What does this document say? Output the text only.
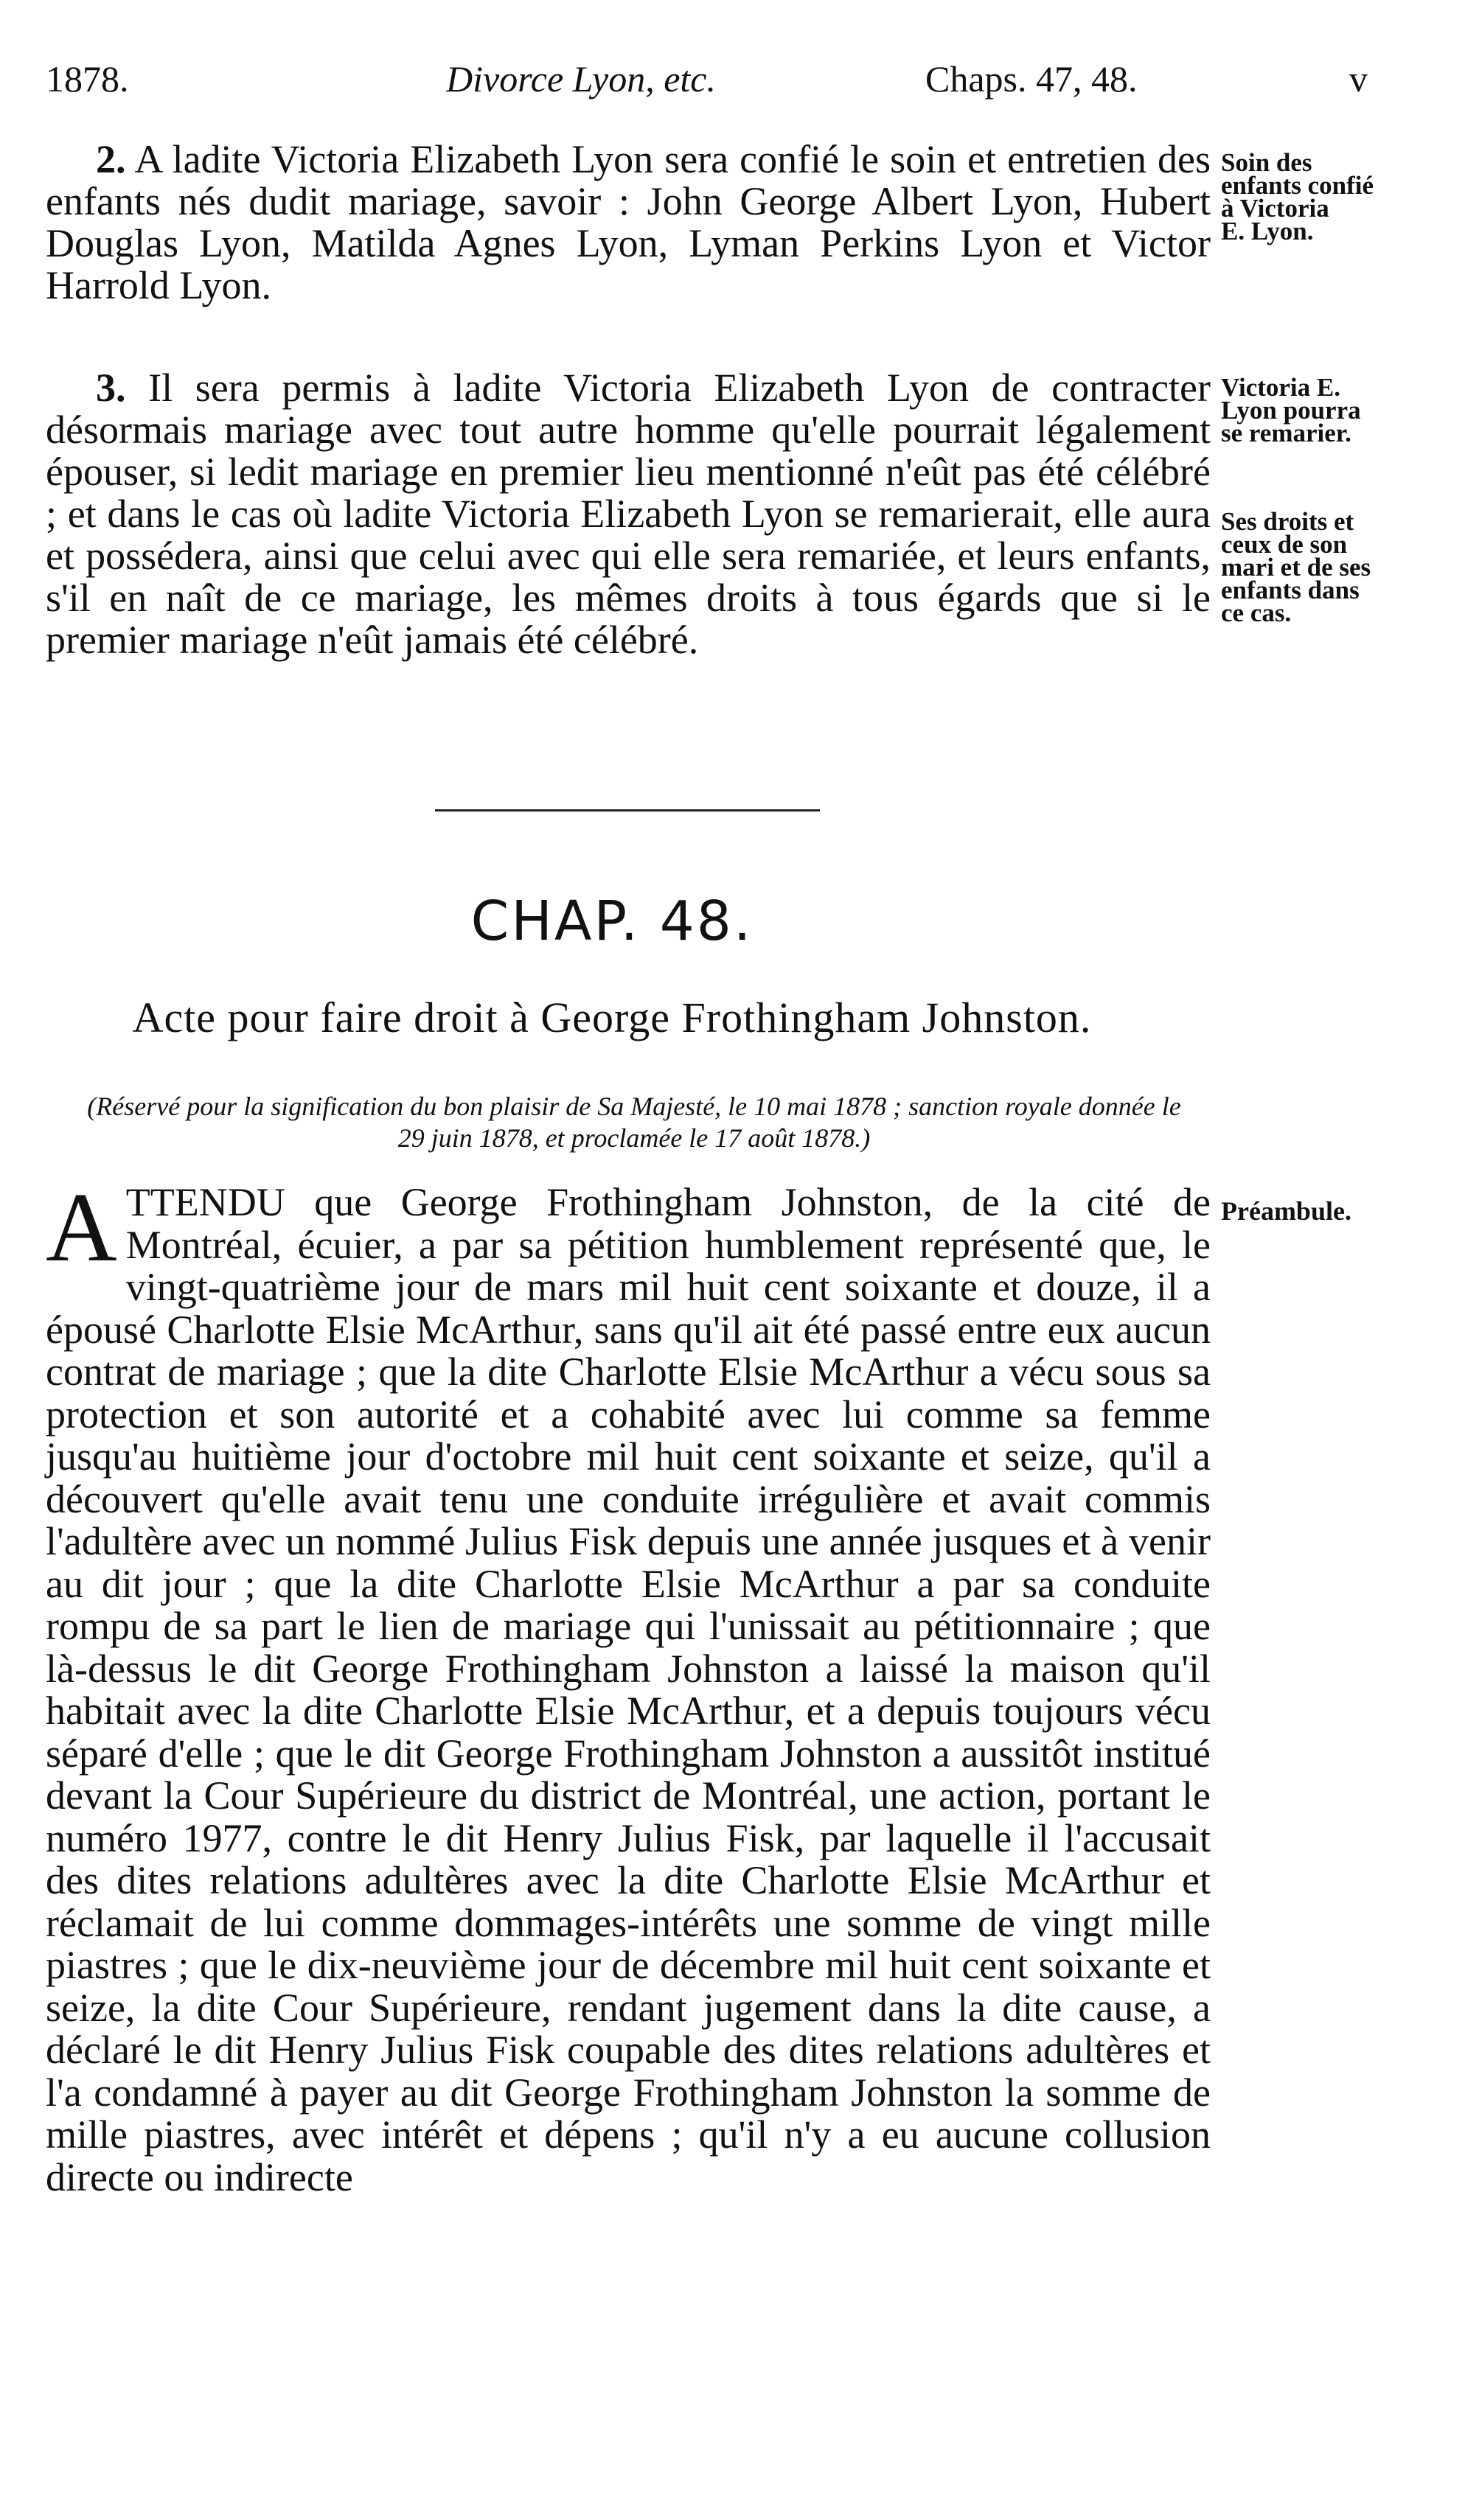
1878.	Divorce Lyon, etc.	Chaps. 47, 48.	v

2. A ladite Victoria Elizabeth Lyon sera confié le soin et entretien des enfants nés dudit mariage, savoir : John George Albert Lyon, Hubert Douglas Lyon, Matilda Agnes Lyon, Lyman Perkins Lyon et Victor Harrold Lyon.

Soin des
enfants confié
à Victoria
E. Lyon.

3. Il sera permis à ladite Victoria Elizabeth Lyon de contracter désormais mariage avec tout autre homme qu'elle pourrait légalement épouser, si ledit mariage en premier lieu mentionné n'eût pas été célébré ; et dans le cas où ladite Victoria Elizabeth Lyon se remarierait, elle aura et possédera, ainsi que celui avec qui elle sera remariée, et leurs enfants, s'il en naît de ce mariage, les mêmes droits à tous égards que si le premier mariage n'eût jamais été célébré.

Victoria E.
Lyon pourra
se remarier.
Ses droits et
ceux de son
mari et de ses
enfants dans
ce cas.
CHAP. 48.
Acte pour faire droit à George Frothingham Johnston.
(Réservé pour la signification du bon plaisir de Sa Majesté, le 10 mai 1878 ; sanction royale donnée le 29 juin 1878, et proclamée le 17 août 1878.)

ATTENDU que George Frothingham Johnston, de la cité de Montréal, écuier, a par sa pétition humblement représenté que, le vingt-quatrième jour de mars mil huit cent soixante et douze, il a épousé Charlotte Elsie McArthur, sans qu'il ait été passé entre eux aucun contrat de mariage ; que la dite Charlotte Elsie McArthur a vécu sous sa protection et son autorité et a cohabité avec lui comme sa femme jusqu'au huitième jour d'octobre mil huit cent soixante et seize, qu'il a découvert qu'elle avait tenu une conduite irrégulière et avait commis l'adultère avec un nommé Julius Fisk depuis une année jusques et à venir au dit jour ; que la dite Charlotte Elsie McArthur a par sa conduite rompu de sa part le lien de mariage qui l'unissait au pétitionnaire ; que là-dessus le dit George Frothingham Johnston a laissé la maison qu'il habitait avec la dite Charlotte Elsie McArthur, et a depuis toujours vécu séparé d'elle ; que le dit George Frothingham Johnston a aussitôt institué devant la Cour Supérieure du district de Montréal, une action, portant le numéro 1977, contre le dit Henry Julius Fisk, par laquelle il l'accusait des dites relations adultères avec la dite Charlotte Elsie McArthur et réclamait de lui comme dommages-intérêts une somme de vingt mille piastres ; que le dix-neuvième jour de décembre mil huit cent soixante et seize, la dite Cour Supérieure, rendant jugement dans la dite cause, a déclaré le dit Henry Julius Fisk coupable des dites relations adultères et l'a condamné à payer au dit George Frothingham Johnston la somme de mille piastres, avec intérêt et dépens ; qu'il n'y a eu aucune collusion directe ou indirecte

Préambule.
